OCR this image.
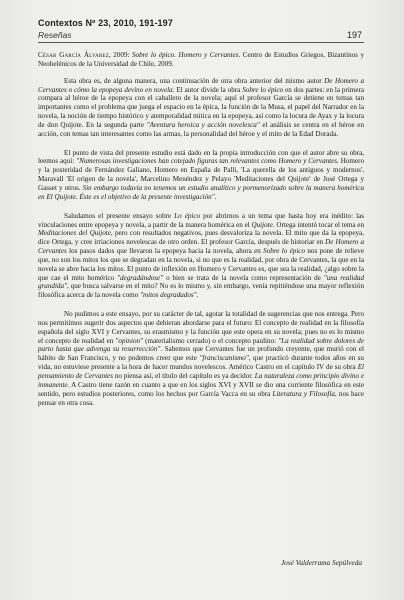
Contextos Nº 23, 2010, 191-197
Reseñas	197

César García Álvarez, 2009: Sobre lo épico. Homero y Cervantes. Centro de Estudios Griegos, Bizantinos y Neohelénicos de la Universidad de Chile, 2009.

Esta obra es, de alguna manera, una continuación de otra obra anterior del mismo autor De Homero a Cervantes o cómo la epopeya devino en novela. El autor divide la obra Sobre lo épico en dos partes: en la primera compara al héroe de la epopeya con el caballero de la novela; aquí el profesor García se detiene en temas tan importantes como el problema que juega el espacio en la épica, la función de la Musa, el papel del Narrador en la novela, la noción de tiempo histórico y atemporalidad mítica en la epopeya, así como la locura de Ayax y la locura de don Quijote. En la segunda parte "Aventura heroica y acción novelesca" el análisis se centra en el héroe en acción, con temas tan interesantes como las armas, la personalidad del héroe y el mito de la Edad Dorada.

El punto de vista del presente estudio está dado en la propia introducción con que el autor abre su obra, leemos aquí: "Numerosas investigaciones han cotejado figuras tan relevantes como Homero y Cervantes. Homero y la posteridad de Fernández Galiano, Homero en España de Palli, 'La querella de los antiguos y modernos', Maravall 'El origen de la novela', Marcelino Menéndez y Pelayo 'Meditaciones del Quijote' de José Ortega y Gasset y otros. Sin embargo todavía no tenemos un estudio analítico y pormenorizado sobre la manera homérica en El Quijote. Éste es el objetivo de la presente investigación".

Saludamos el presente ensayo sobre Lo épico por abrirnos a un tema que hasta hoy era inédito: las vinculaciones entre epopeya y novela, a partir de la manera homérica en el Quijote. Ortega intentó tocar el tema en Meditaciones del Quijote, pero con resultados negativos, pues desvaloriza la novela. El mito que da la epopeya, dice Ortega, y cree irriaciones novelescas de otro orden. El profesor García, después de historiar en De Homero a Cervantes los pasos dados que llevaron la epopeya hacia la novela, ahora en Sobre lo épico nos pone de relieve que, no son los mitos los que se degradan en la novela, si no que es la realidad, por obra de Cervantes, la que en la novela se abre hacia los mitos. El punto de inflexión en Homero y Cervantes es, que sea la realidad, ¿algo sobre la que cae el mito homérico "degradándose" o bien se trata de la novela como representación de "una realidad grandida", que busca salvarse en el mito? No es lo mismo y, sin embargo, venía repitiéndose una mayor reflexión filosófica acerca de la novela como "mitos degradados".

No pudimos a este ensayo, por su carácter de tal, agotar la totalidad de sugerencias que nos entrega. Pero nos permitimos sugerir dos aspectos que debieran abordarse para el futuro: El concepto de realidad en la filosofía española del siglo XVI y Cervantes, su erasmismo y la función que este opera en su novela; pues no es lo mismo el concepto de realidad en "opinion" (materialismo cerrado) o el concepto paulino: "La realidad sobre dolores de parto hasta que advenga su resurrección". Sabemos que Cervantes fue un profundo creyente, que murió con el hábito de San Francisco, y no podemos creer que este "franciscanismo", que practicó durante todos años en su vida, no estuviese presente a la hora de hacer mundos novelescos. Américo Castro en el capítulo IV de su obra El pensamiento de Cervantes no piensa así, el título del capítulo es ya decidor. La naturaleza como principio divino e inmanente. A Castro tiene razón en cuanto a que en los siglos XVI y XVII se dio una corriente filosófica en este sentido, pero estudios posteriores, como los hechos por García Vacca en su obra Literatura y Filosofía, nos hace pensar en otra cosa.

José Valderrama Sepúlveda
